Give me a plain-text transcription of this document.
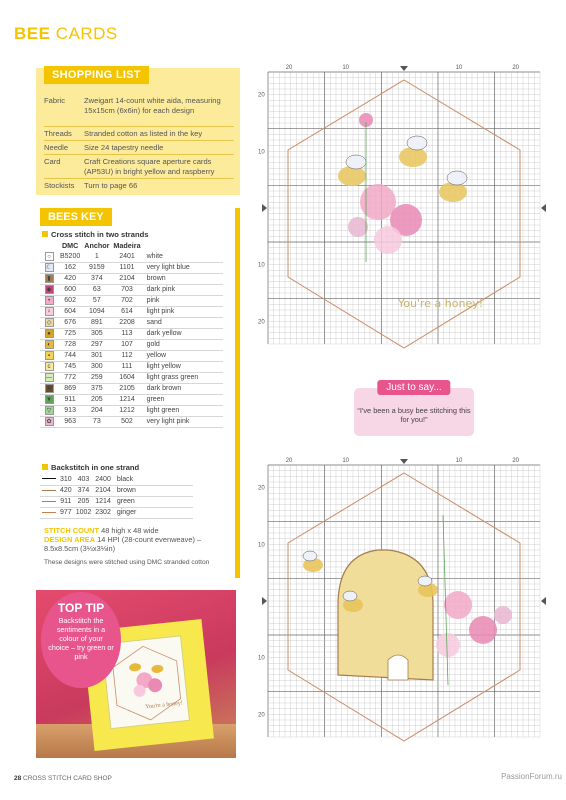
BEE CARDS
SHOPPING LIST
Fabric	Zweigart 14-count white aida, measuring 15x15cm (6x6in) for each design
Threads	Stranded cotton as listed in the key
Needle	Size 24 tapestry needle
Card	Craft Creations square aperture cards (AP53U) in bright yellow and raspberry
Stockists	Turn to page 66
BEES KEY
Cross stitch in two strands
	DMC	Anchor	Madeira	
○	B5200	1	2401	white
☾	162	9159	1101	very light blue
▮	420	374	2104	brown
◆	600	63	703	dark pink
•	602	57	702	pink
♀	604	1094	614	light pink
◇	676	891	2208	sand
●	725	305	113	dark yellow
◐	728	297	107	gold
▪	744	301	112	yellow
c	745	300	111	light yellow
—	772	259	1604	light grass green
■	869	375	2105	dark brown
▼	911	205	1214	green
▽	913	204	1212	light green
✿	963	73	502	very light pink
Backstitch in one strand
	310	403	2400	black
	420	374	2104	brown
	911	205	1214	green
	977	1002	2302	ginger
STITCH COUNT 48 high x 48 wide
DESIGN AREA 14 HPI (28-count evenweave) – 8.5x8.5cm (3⅓x3⅓in)
These designs were stitched using DMC stranded cotton
You're a honey!
TOP TIP
Backstitch the sentiments in a colour of your choice – try green or pink
20
20
10
10
10
10
20
20
You're a honey!
Just to say...
“I've been a busy bee stitching this for you!”
20
20
10
10
10
10
20
20
28 CROSS STITCH CARD SHOP	PassionForum.ru
